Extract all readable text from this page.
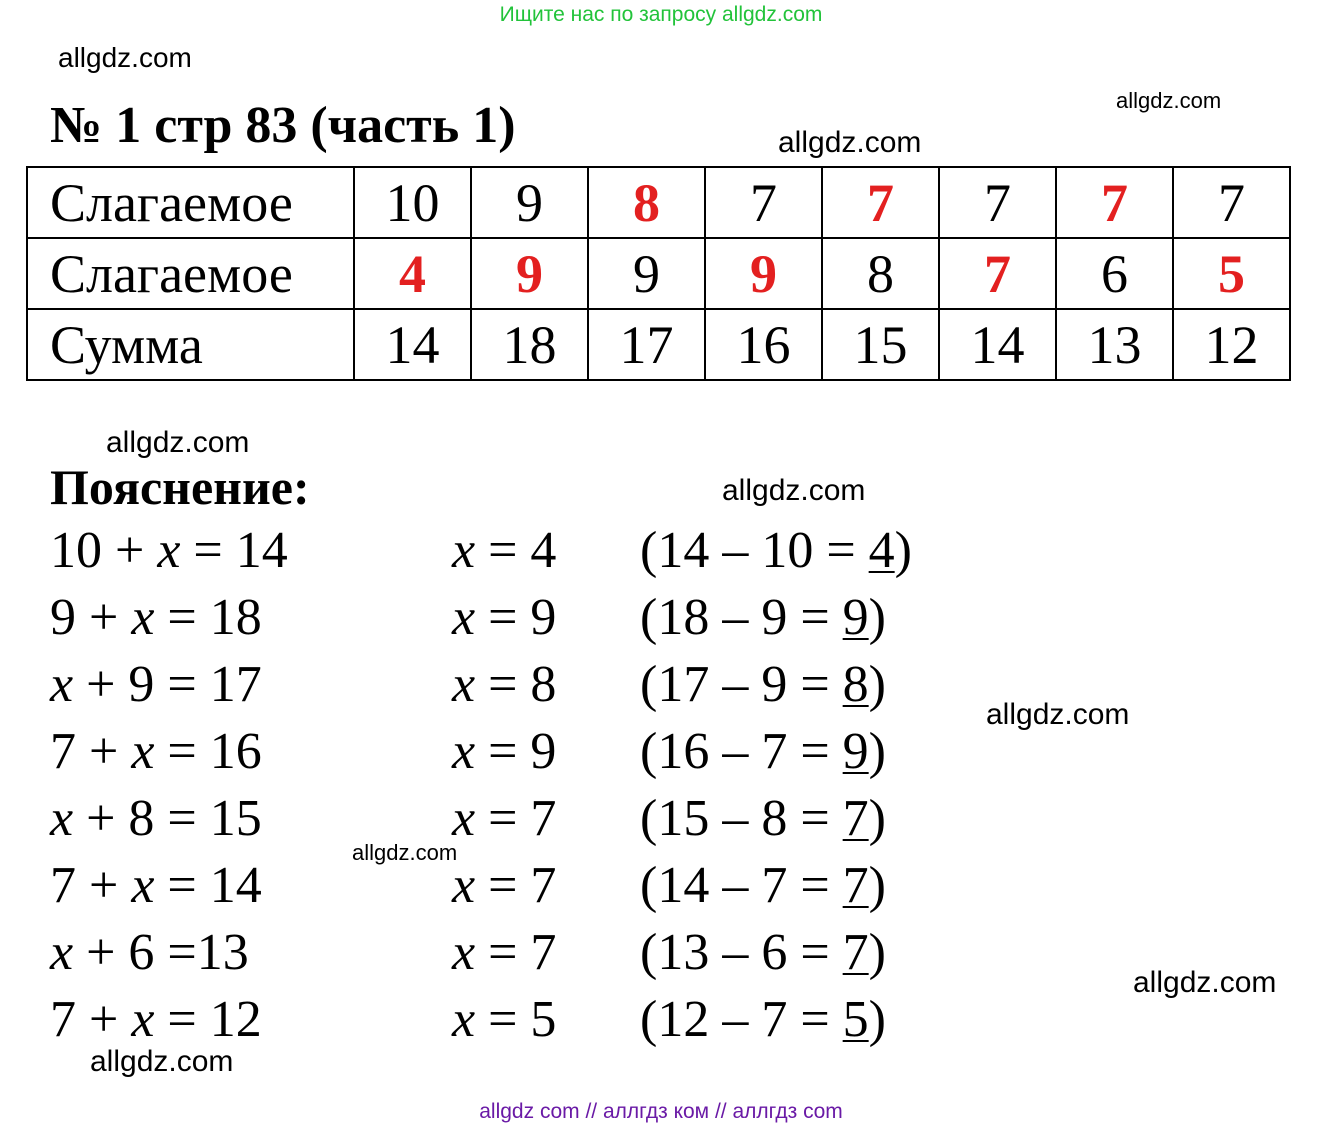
Ищите нас по запросу allgdz.com
allgdz.com
allgdz.com
allgdz.com
№ 1 стр 83 (часть 1)
Слагаемое	10	9	8	7	7	7	7	7
Слагаемое	4	9	9	9	8	7	6	5
Сумма	14	18	17	16	15	14	13	12
allgdz.com
Пояснение:	allgdz.com
10 + x = 14	x = 4 (14 – 10 = 4)
9 + x = 18	x = 9 (18 – 9 = 9)
x + 9 = 17	x = 8 (17 – 9 = 8)
7 + x = 16	x = 9 (16 – 7 = 9)
x + 8 = 15	x = 7 (15 – 8 = 7)
7 + x = 14	x = 7 (14 – 7 = 7)
x + 6 =13	x = 7 (13 – 6 = 7)
7 + x = 12	x = 5 (12 – 7 = 5)
allgdz.com
allgdz.com
allgdz.com
allgdz.com
allgdz com // аллгдз ком // аллгдз com
